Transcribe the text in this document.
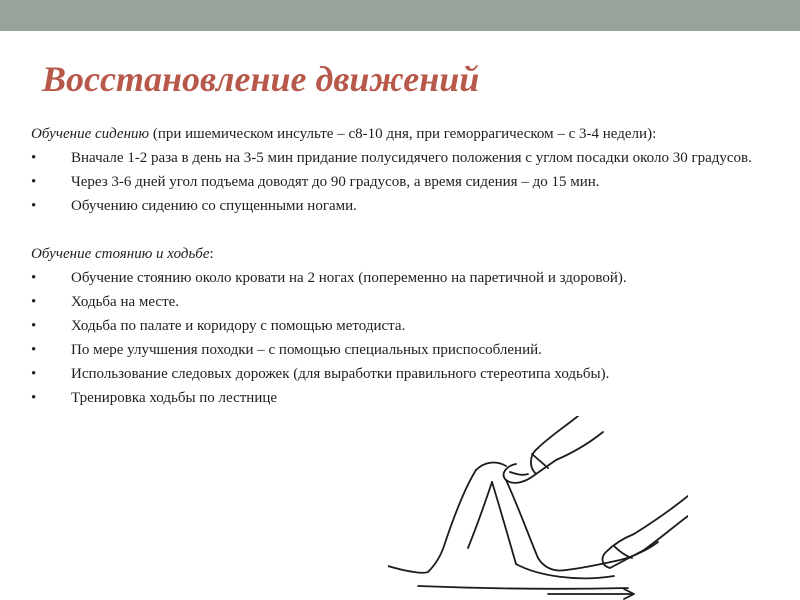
Восстановление движений

Обучение сидению (при ишемическом инсульте – с8-10 дня, при геморрагическом – с 3-4 недели):

• Вначале 1-2 раза в день на 3-5 мин придание полусидячего положения с углом посадки около 30 градусов.
• Через 3-6 дней угол подъема доводят до 90 градусов, а время сидения – до 15 мин.
• Обучению сидению со спущенными ногами.

Обучение стоянию и ходьбе:

• Обучение стоянию около кровати на 2 ногах (попеременно на паретичной и здоровой).
• Ходьба на месте.
• Ходьба по палате и коридору с помощью методиста.
• По мере улучшения походки – с помощью специальных приспособлений.
• Использование следовых дорожек (для выработки правильного стереотипа ходьбы).
• Тренировка ходьбы по лестнице
